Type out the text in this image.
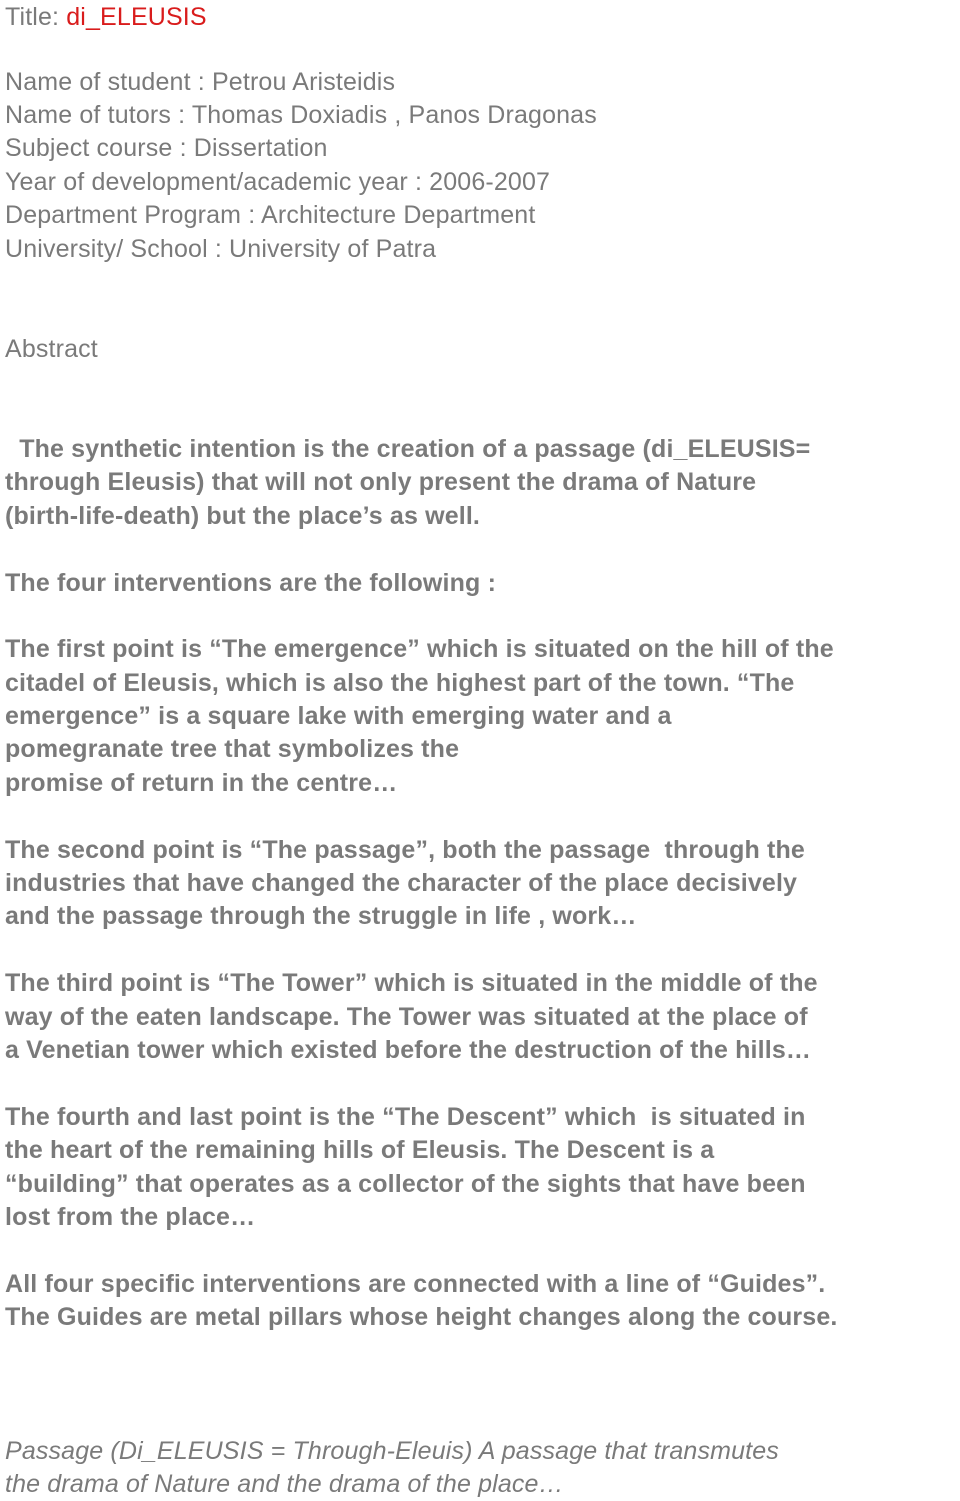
Title: di_ELEUSIS
Name of student : Petrou Aristeidis
Name of tutors : Thomas Doxiadis , Panos Dragonas
Subject course : Dissertation
Year of development/academic year : 2006-2007
Department Program : Architecture Department
University/ School : University of Patra
Abstract
The synthetic intention is the creation of a passage (di_ELEUSIS=
through Eleusis) that will not only present the drama of Nature
(birth-life-death) but the place’s as well.
The four interventions are the following :
The first point is “The emergence” which is situated on the hill of the
citadel of Eleusis, which is also the highest part of the town. “The
emergence” is a square lake with emerging water and a
pomegranate tree that symbolizes the
promise of return in the centre…
The second point is “The passage”, both the passage  through the
industries that have changed the character of the place decisively
and the passage through the struggle in life , work…
The third point is “The Tower” which is situated in the middle of the
way of the eaten landscape. The Tower was situated at the place of
a Venetian tower which existed before the destruction of the hills…
The fourth and last point is the “The Descent” which  is situated in
the heart of the remaining hills of Eleusis. The Descent is a
“building” that operates as a collector of the sights that have been
lost from the place…
All four specific interventions are connected with a line of “Guides”.
The Guides are metal pillars whose height changes along the course.
Passage (Di_ELEUSIS = Through-Eleuis) A passage that transmutes
the drama of Nature and the drama of the place…
